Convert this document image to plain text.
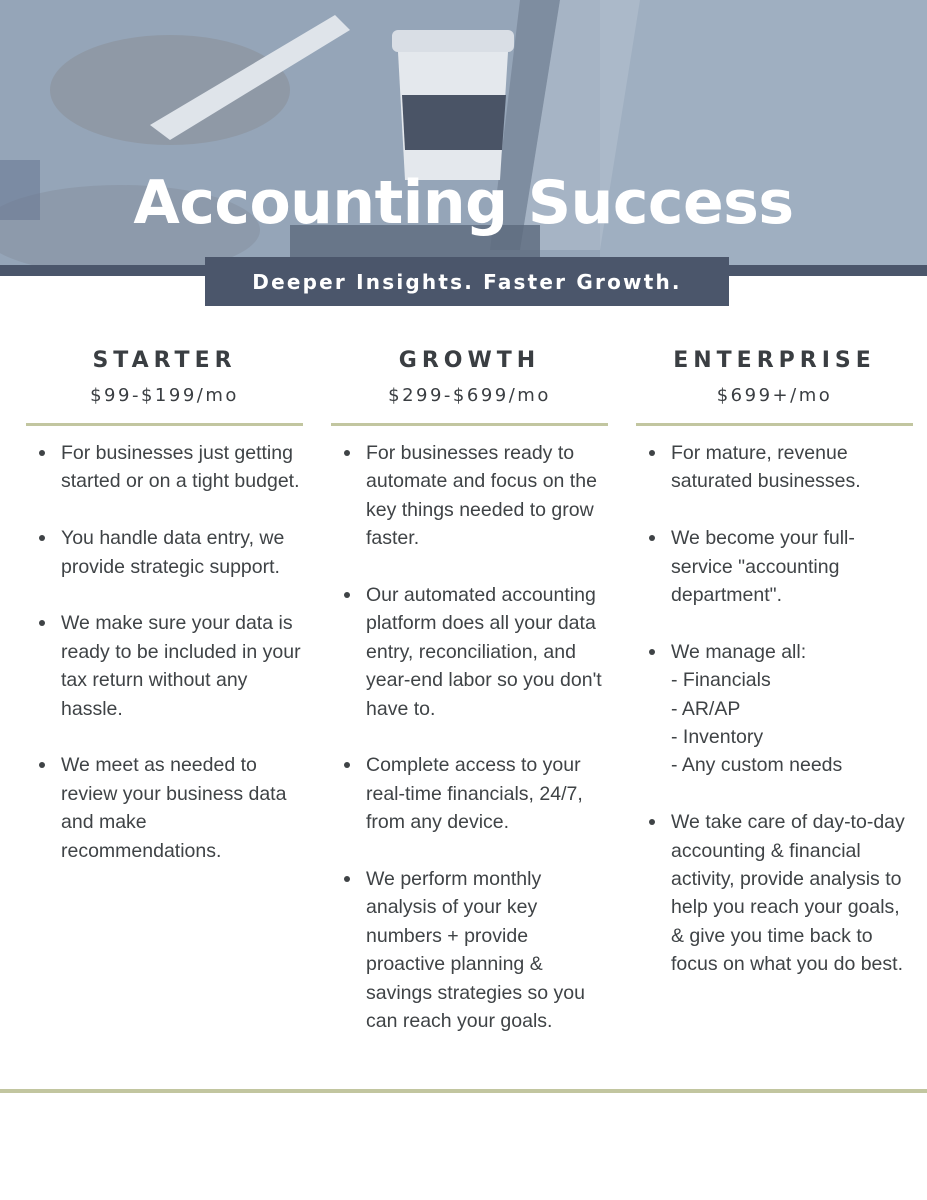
Accounting Success
Deeper Insights. Faster Growth.
STARTER
$99-$199/mo
For businesses just getting started or on a tight budget.
You handle data entry, we provide strategic support.
We make sure your data is ready to be included in your tax return without any hassle.
We meet as needed to review your business data and make recommendations.
GROWTH
$299-$699/mo
For businesses ready to automate and focus on the key things needed to grow faster.
Our automated accounting platform does all your data entry, reconciliation, and year-end labor so you don't have to.
Complete access to your real-time financials, 24/7, from any device.
We perform monthly analysis of your key numbers + provide proactive planning & savings strategies so you can reach your goals.
ENTERPRISE
$699+/mo
For mature, revenue saturated businesses.
We become your full-service "accounting department".
We manage all:
- Financials
- AR/AP
- Inventory
- Any custom needs
We take care of day-to-day accounting & financial activity, provide analysis to help you reach your goals, & give you time back to focus on what you do best.
